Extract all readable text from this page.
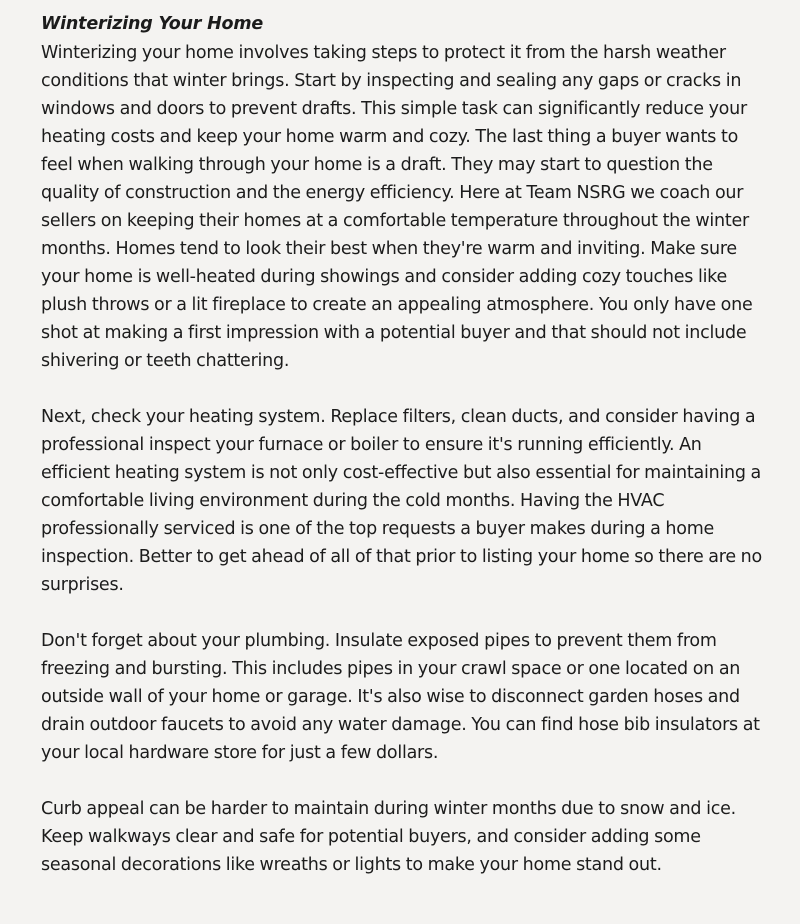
Winterizing Your Home

Winterizing your home involves taking steps to protect it from the harsh weather conditions that winter brings. Start by inspecting and sealing any gaps or cracks in windows and doors to prevent drafts. This simple task can significantly reduce your heating costs and keep your home warm and cozy. The last thing a buyer wants to feel when walking through your home is a draft. They may start to question the quality of construction and the energy efficiency. Here at Team NSRG we coach our sellers on keeping their homes at a comfortable temperature throughout the winter months. Homes tend to look their best when they're warm and inviting. Make sure your home is well-heated during showings and consider adding cozy touches like plush throws or a lit fireplace to create an appealing atmosphere. You only have one shot at making a first impression with a potential buyer and that should not include shivering or teeth chattering.

Next, check your heating system. Replace filters, clean ducts, and consider having a professional inspect your furnace or boiler to ensure it's running efficiently. An efficient heating system is not only cost-effective but also essential for maintaining a comfortable living environment during the cold months. Having the HVAC professionally serviced is one of the top requests a buyer makes during a home inspection. Better to get ahead of all of that prior to listing your home so there are no surprises.

Don't forget about your plumbing. Insulate exposed pipes to prevent them from freezing and bursting. This includes pipes in your crawl space or one located on an outside wall of your home or garage. It's also wise to disconnect garden hoses and drain outdoor faucets to avoid any water damage. You can find hose bib insulators at your local hardware store for just a few dollars.

Curb appeal can be harder to maintain during winter months due to snow and ice. Keep walkways clear and safe for potential buyers, and consider adding some seasonal decorations like wreaths or lights to make your home stand out.
